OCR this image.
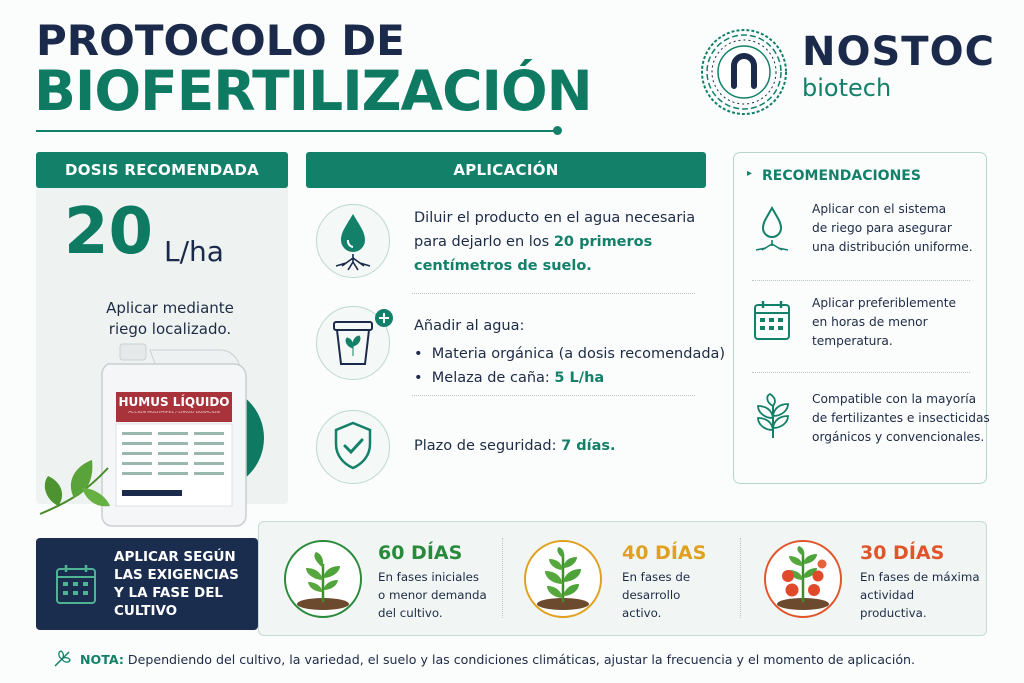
PROTOCOLO DE
BIOFERTILIZACIÓN
NOSTOC
biotech
DOSIS RECOMENDADA
20 L/ha
Aplicar mediante
riego localizado.
HUMUS LÍQUIDO
ACCIÓN MULTIPAPEL / LARGO DURACIÓN
APLICACIÓN
Diluir el producto en el agua necesaria
para dejarlo en los 20 primeros
centímetros de suelo.
Añadir al agua:
•  Materia orgánica (a dosis recomendada)
•  Melaza de caña: 5 L/ha
Plazo de seguridad: 7 días.
▸ RECOMENDACIONES
Aplicar con el sistema
de riego para asegurar
una distribución uniforme.
Aplicar preferiblemente
en horas de menor
temperatura.
Compatible con la mayoría
de fertilizantes e insecticidas
orgánicos y convencionales.
APLICAR SEGÚN
LAS EXIGENCIAS
Y LA FASE DEL
CULTIVO
60 DÍAS
En fases iniciales
o menor demanda
del cultivo.
40 DÍAS
En fases de
desarrollo
activo.
30 DÍAS
En fases de máxima
actividad
productiva.
NOTA: Dependiendo del cultivo, la variedad, el suelo y las condiciones climáticas, ajustar la frecuencia y el momento de aplicación.
